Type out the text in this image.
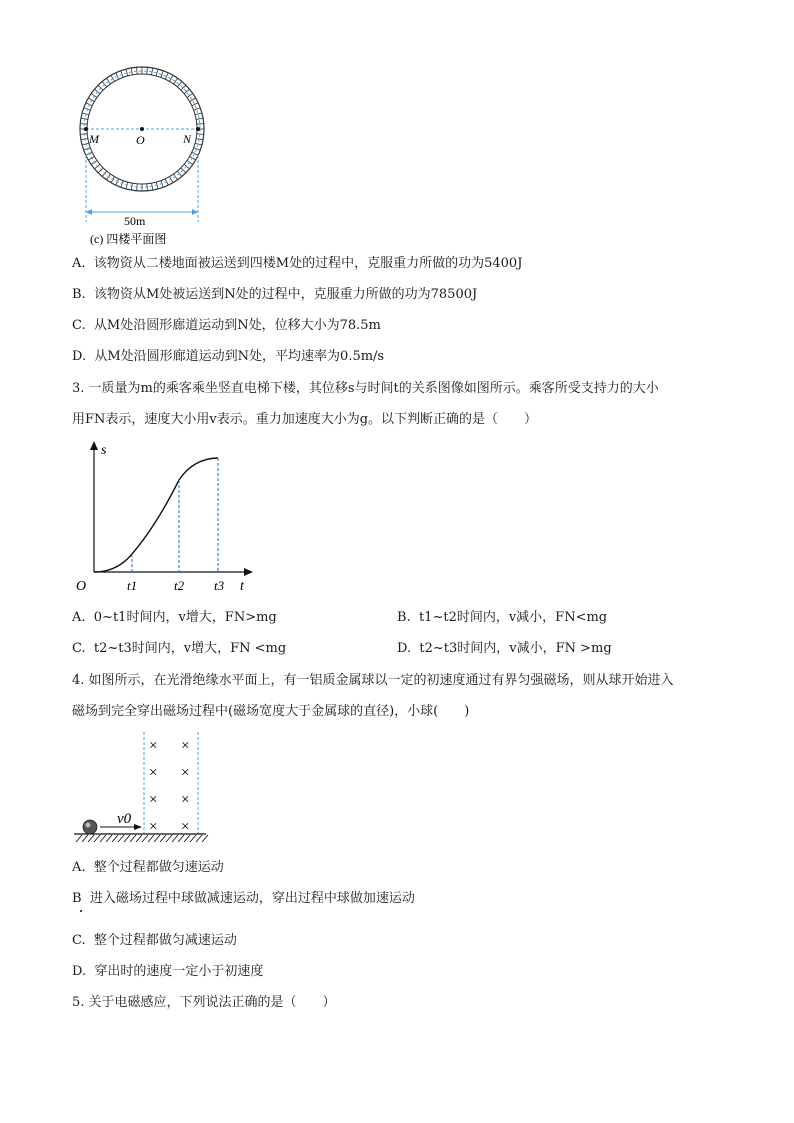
M	O	N
50m
(c) 四楼平面图
A. 该物资从二楼地面被运送到四楼M处的过程中，克服重力所做的功为5400J
B. 该物资从M处被运送到N处的过程中，克服重力所做的功为78500J
C. 从M处沿圆形廊道运动到N处，位移大小为78.5m
D. 从M处沿圆形廊道运动到N处，平均速率为0.5m/s
3. 一质量为m的乘客乘坐竖直电梯下楼，其位移s与时间t的关系图像如图所示。乘客所受支持力的大小
用FN表示，速度大小用v表示。重力加速度大小为g。以下判断正确的是（　　）
s
t
O	t1	t2 t3
A. 0~t1时间内，v增大，FN>mg	B. t1~t2时间内，v减小，FN<mg
C. t2~t3时间内，v增大，FN <mg	D. t2~t3时间内，v减小，FN >mg
4. 如图所示，在光滑绝缘水平面上，有一铝质金属球以一定的初速度通过有界匀强磁场，则从球开始进入
磁场到完全穿出磁场过程中(磁场宽度大于金属球的直径)，小球(　　)
× ×
× ×
× ×
× ×
v0
A. 整个过程都做匀速运动
B 进入磁场过程中球做减速运动，穿出过程中球做加速运动
C. 整个过程都做匀减速运动
D. 穿出时的速度一定小于初速度
5. 关于电磁感应，下列说法正确的是（　　）
